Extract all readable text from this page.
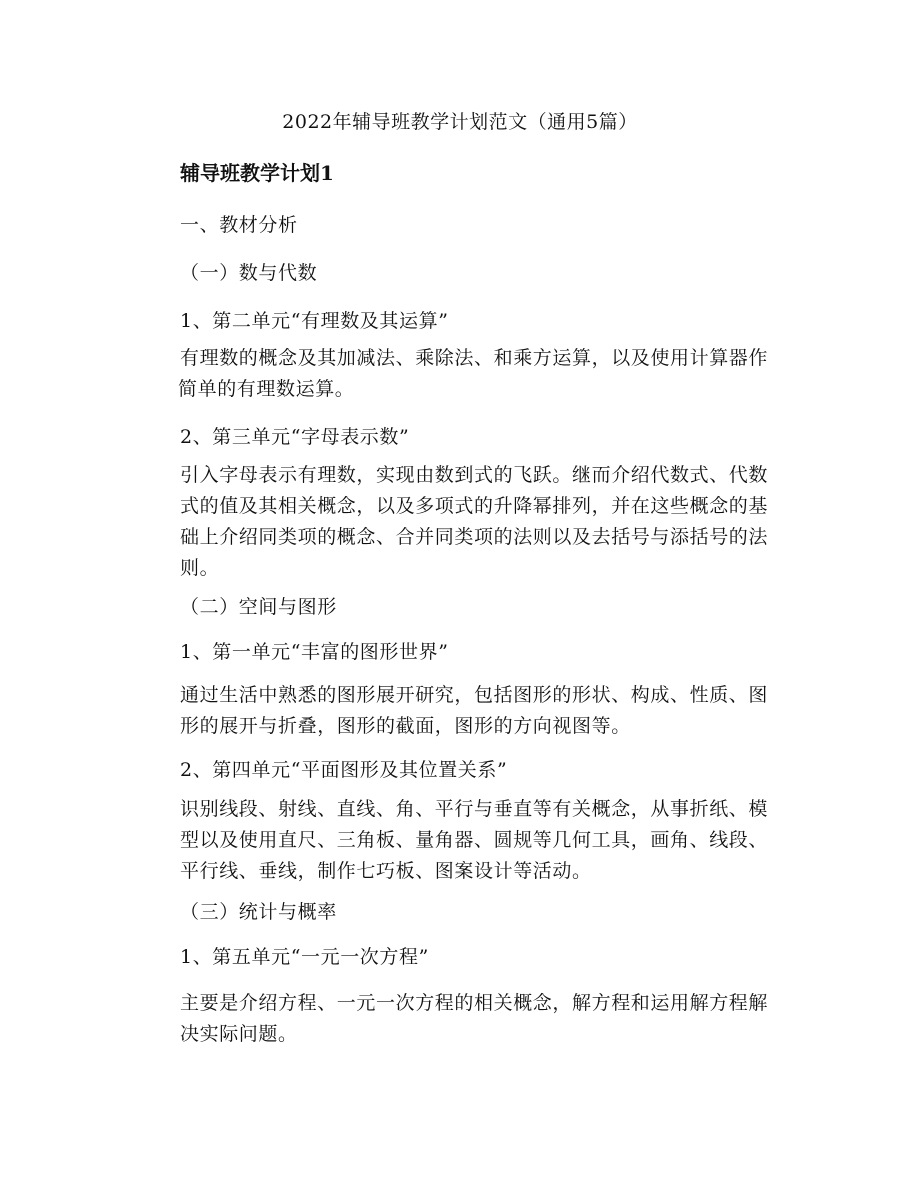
2022年辅导班教学计划范文（通用5篇）
辅导班教学计划1
一、教材分析
（一）数与代数
1、第二单元“有理数及其运算”
有理数的概念及其加减法、乘除法、和乘方运算，以及使用计算器作简单的有理数运算。
2、第三单元“字母表示数”
引入字母表示有理数，实现由数到式的飞跃。继而介绍代数式、代数式的值及其相关概念，以及多项式的升降幂排列，并在这些概念的基础上介绍同类项的概念、合并同类项的法则以及去括号与添括号的法则。
（二）空间与图形
1、第一单元“丰富的图形世界”
通过生活中熟悉的图形展开研究，包括图形的形状、构成、性质、图形的展开与折叠，图形的截面，图形的方向视图等。
2、第四单元“平面图形及其位置关系”
识别线段、射线、直线、角、平行与垂直等有关概念，从事折纸、模型以及使用直尺、三角板、量角器、圆规等几何工具，画角、线段、平行线、垂线，制作七巧板、图案设计等活动。
（三）统计与概率
1、第五单元“一元一次方程”
主要是介绍方程、一元一次方程的相关概念，解方程和运用解方程解决实际问题。
